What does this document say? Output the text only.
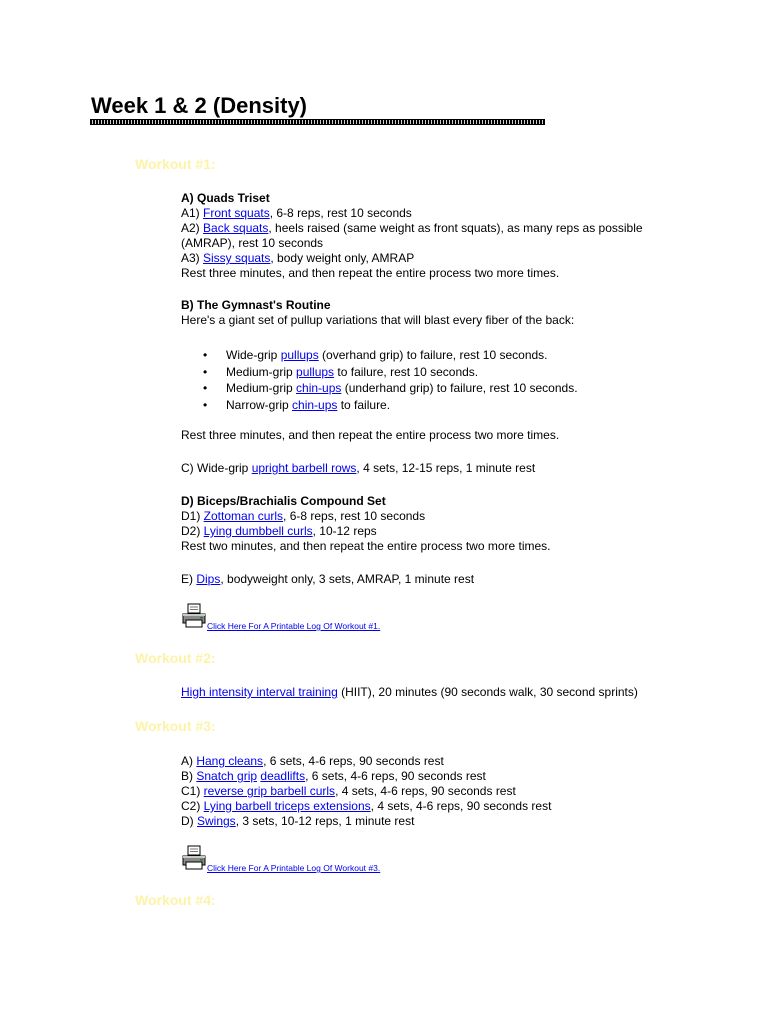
Week 1 & 2 (Density)
Workout #1:

A) Quads Triset

A1) Front squats, 6-8 reps, rest 10 seconds

A2) Back squats, heels raised (same weight as front squats), as many reps as possible (AMRAP), rest 10 seconds

A3) Sissy squats, body weight only, AMRAP

Rest three minutes, and then repeat the entire process two more times.

B) The Gymnast's Routine

Here's a giant set of pullup variations that will blast every fiber of the back:

• Wide-grip pullups (overhand grip) to failure, rest 10 seconds.
• Medium-grip pullups to failure, rest 10 seconds.
• Medium-grip chin-ups (underhand grip) to failure, rest 10 seconds.
• Narrow-grip chin-ups to failure.

Rest three minutes, and then repeat the entire process two more times.

C) Wide-grip upright barbell rows, 4 sets, 12-15 reps, 1 minute rest

D) Biceps/Brachialis Compound Set

D1) Zottoman curls, 6-8 reps, rest 10 seconds

D2) Lying dumbbell curls, 10-12 reps

Rest two minutes, and then repeat the entire process two more times.

E) Dips, bodyweight only, 3 sets, AMRAP, 1 minute rest

Click Here For A Printable Log Of Workout #1.
Workout #2:

High intensity interval training (HIIT), 20 minutes (90 seconds walk, 30 second sprints)

Workout #3:

A) Hang cleans, 6 sets, 4-6 reps, 90 seconds rest

B) Snatch grip deadlifts, 6 sets, 4-6 reps, 90 seconds rest

C1) reverse grip barbell curls, 4 sets, 4-6 reps, 90 seconds rest

C2) Lying barbell triceps extensions, 4 sets, 4-6 reps, 90 seconds rest

D) Swings, 3 sets, 10-12 reps, 1 minute rest

Click Here For A Printable Log Of Workout #3.
Workout #4:
